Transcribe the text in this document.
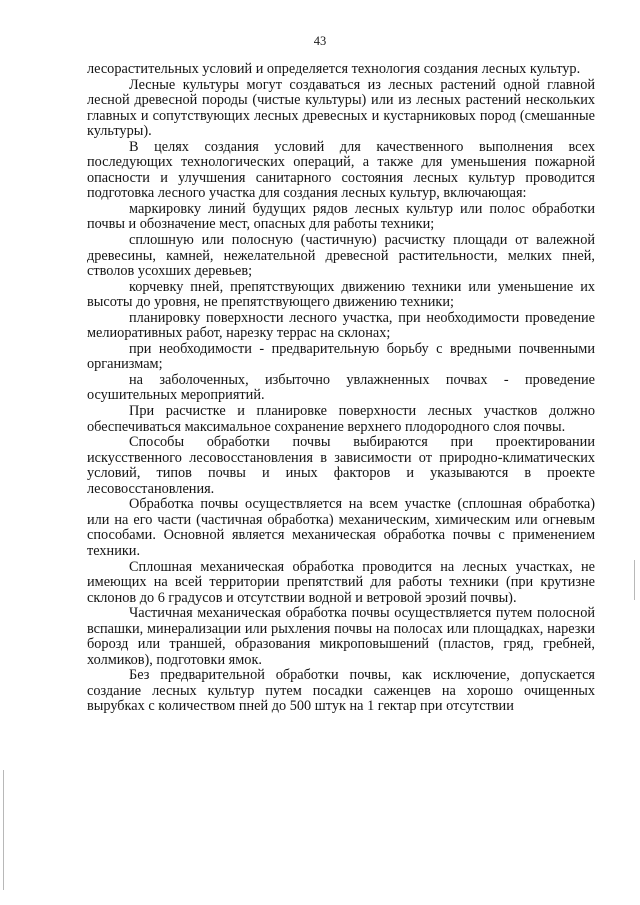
43

лесорастительных условий и определяется технология создания лесных культур.

Лесные культуры могут создаваться из лесных растений одной главной лесной древесной породы (чистые культуры) или из лесных растений нескольких главных и сопутствующих лесных древесных и кустарниковых пород (смешанные культуры).

В целях создания условий для качественного выполнения всех последующих технологических операций, а также для уменьшения пожарной опасности и улучшения санитарного состояния лесных культур проводится подготовка лесного участка для создания лесных культур, включающая:

маркировку линий будущих рядов лесных культур или полос обработки почвы и обозначение мест, опасных для работы техники;

сплошную или полосную (частичную) расчистку площади от валежной древесины, камней, нежелательной древесной растительности, мелких пней, стволов усохших деревьев;

корчевку пней, препятствующих движению техники или уменьшение их высоты до уровня, не препятствующего движению техники;

планировку поверхности лесного участка, при необходимости проведение мелиоративных работ, нарезку террас на склонах;

при необходимости - предварительную борьбу с вредными почвенными организмам;

на заболоченных, избыточно увлажненных почвах - проведение осушительных мероприятий.

При расчистке и планировке поверхности лесных участков должно обеспечиваться максимальное сохранение верхнего плодородного слоя почвы.

Способы обработки почвы выбираются при проектировании искусственного лесовосстановления в зависимости от природно-климатических условий, типов почвы и иных факторов и указываются в проекте лесовосстановления.

Обработка почвы осуществляется на всем участке (сплошная обработка) или на его части (частичная обработка) механическим, химическим или огневым способами. Основной является механическая обработка почвы с применением техники.

Сплошная механическая обработка проводится на лесных участках, не имеющих на всей территории препятствий для работы техники (при крутизне склонов до 6 градусов и отсутствии водной и ветровой эрозий почвы).

Частичная механическая обработка почвы осуществляется путем полосной вспашки, минерализации или рыхления почвы на полосах или площадках, нарезки борозд или траншей, образования микроповышений (пластов, гряд, гребней, холмиков), подготовки ямок.

Без предварительной обработки почвы, как исключение, допускается создание лесных культур путем посадки саженцев на хорошо очищенных вырубках с количеством пней до 500 штук на 1 гектар при отсутствии
